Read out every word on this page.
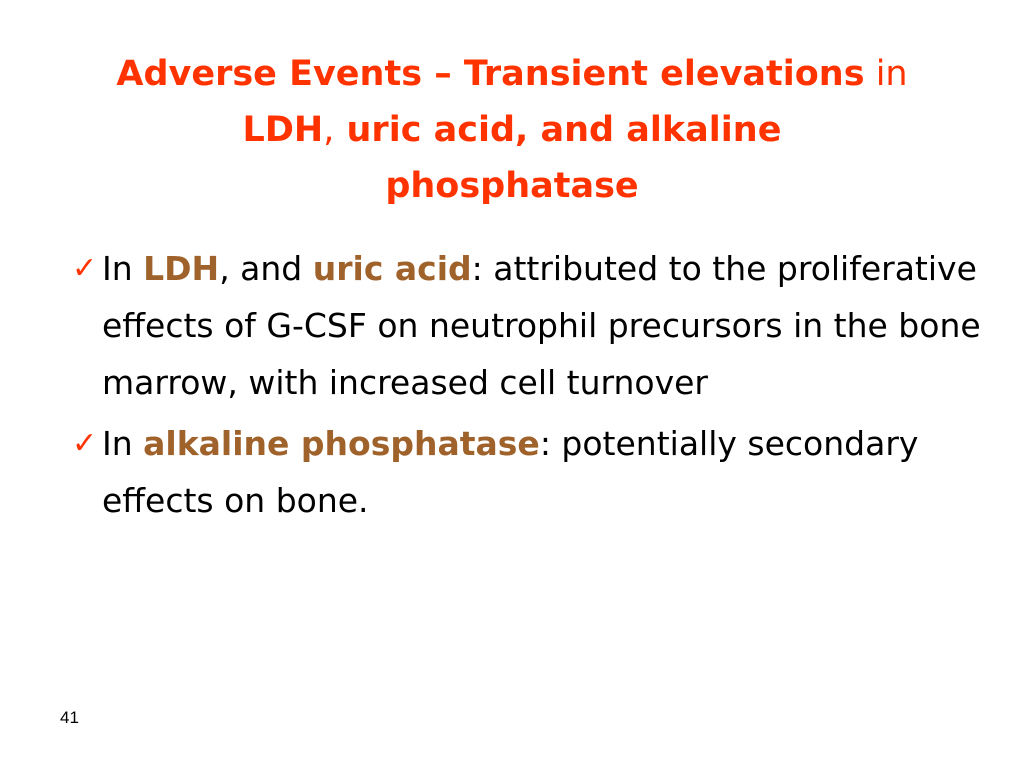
Adverse Events – Transient elevations in
LDH, uric acid, and alkaline
phosphatase
✓ In LDH, and uric acid: attributed to the proliferative effects of G-CSF on neutrophil precursors in the bone marrow, with increased cell turnover
✓ In alkaline phosphatase: potentially secondary effects on bone.
41
